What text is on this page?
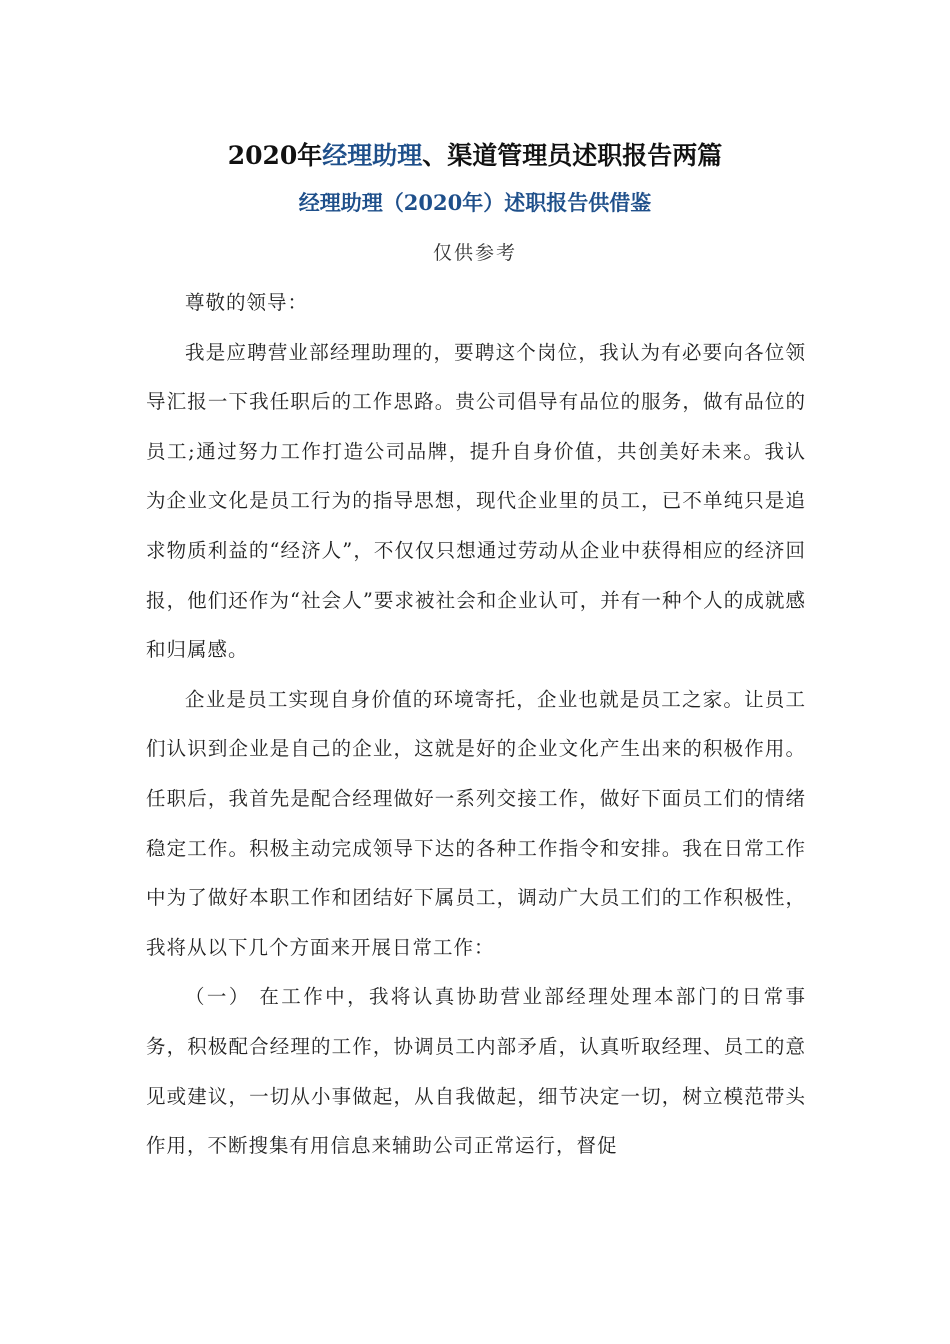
2020年经理助理、渠道管理员述职报告两篇
经理助理（2020年）述职报告供借鉴
仅供参考

尊敬的领导：

我是应聘营业部经理助理的，要聘这个岗位，我认为有必要向各位领导汇报一下我任职后的工作思路。贵公司倡导有品位的服务，做有品位的员工;通过努力工作打造公司品牌，提升自身价值，共创美好未来。我认为企业文化是员工行为的指导思想，现代企业里的员工，已不单纯只是追求物质利益的“经济人”，不仅仅只想通过劳动从企业中获得相应的经济回报，他们还作为“社会人”要求被社会和企业认可，并有一种个人的成就感和归属感。

企业是员工实现自身价值的环境寄托，企业也就是员工之家。让员工们认识到企业是自己的企业，这就是好的企业文化产生出来的积极作用。任职后，我首先是配合经理做好一系列交接工作，做好下面员工们的情绪稳定工作。积极主动完成领导下达的各种工作指令和安排。我在日常工作中为了做好本职工作和团结好下属员工，调动广大员工们的工作积极性，我将从以下几个方面来开展日常工作：

（一） 在工作中，我将认真协助营业部经理处理本部门的日常事务，积极配合经理的工作，协调员工内部矛盾，认真听取经理、员工的意见或建议，一切从小事做起，从自我做起，细节决定一切，树立模范带头作用，不断搜集有用信息来辅助公司正常运行，督促
